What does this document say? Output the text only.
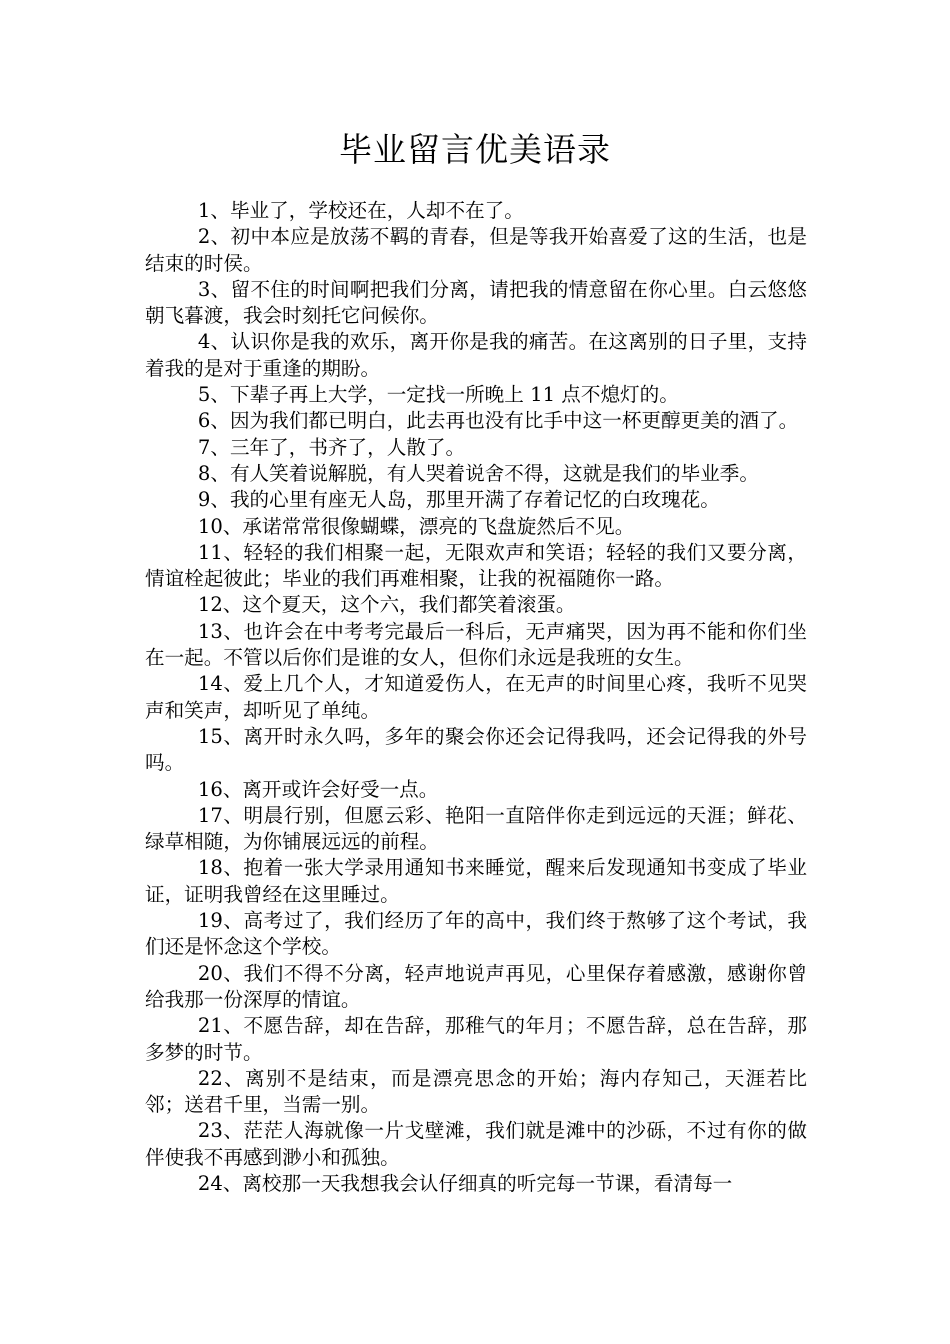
毕业留言优美语录

1、毕业了，学校还在，人却不在了。

2、初中本应是放荡不羁的青春，但是等我开始喜爱了这的生活，也是结束的时侯。

3、留不住的时间啊把我们分离，请把我的情意留在你心里。白云悠悠朝飞暮渡，我会时刻托它问候你。

4、认识你是我的欢乐，离开你是我的痛苦。在这离别的日子里，支持着我的是对于重逢的期盼。

5、下辈子再上大学，一定找一所晚上 11 点不熄灯的。

6、因为我们都已明白，此去再也没有比手中这一杯更醇更美的酒了。

7、三年了，书齐了，人散了。

8、有人笑着说解脱，有人哭着说舍不得，这就是我们的毕业季。

9、我的心里有座无人岛，那里开满了存着记忆的白玫瑰花。

10、承诺常常很像蝴蝶，漂亮的飞盘旋然后不见。

11、轻轻的我们相聚一起，无限欢声和笑语；轻轻的我们又要分离，情谊栓起彼此；毕业的我们再难相聚，让我的祝福随你一路。

12、这个夏天，这个六，我们都笑着滚蛋。

13、也许会在中考考完最后一科后，无声痛哭，因为再不能和你们坐在一起。不管以后你们是谁的女人，但你们永远是我班的女生。

14、爱上几个人，才知道爱伤人，在无声的时间里心疼，我听不见哭声和笑声，却听见了单纯。

15、离开时永久吗，多年的聚会你还会记得我吗，还会记得我的外号吗。

16、离开或许会好受一点。

17、明晨行别，但愿云彩、艳阳一直陪伴你走到远远的天涯；鲜花、绿草相随，为你铺展远远的前程。

18、抱着一张大学录用通知书来睡觉，醒来后发现通知书变成了毕业证，证明我曾经在这里睡过。

19、高考过了，我们经历了年的高中，我们终于熬够了这个考试，我们还是怀念这个学校。

20、我们不得不分离，轻声地说声再见，心里保存着感激，感谢你曾给我那一份深厚的情谊。

21、不愿告辞，却在告辞，那稚气的年月；不愿告辞，总在告辞，那多梦的时节。

22、离别不是结束，而是漂亮思念的开始；海内存知己，天涯若比邻；送君千里，当需一别。

23、茫茫人海就像一片戈壁滩，我们就是滩中的沙砾，不过有你的做伴使我不再感到渺小和孤独。

24、离校那一天我想我会认仔细真的听完每一节课，看清每一
